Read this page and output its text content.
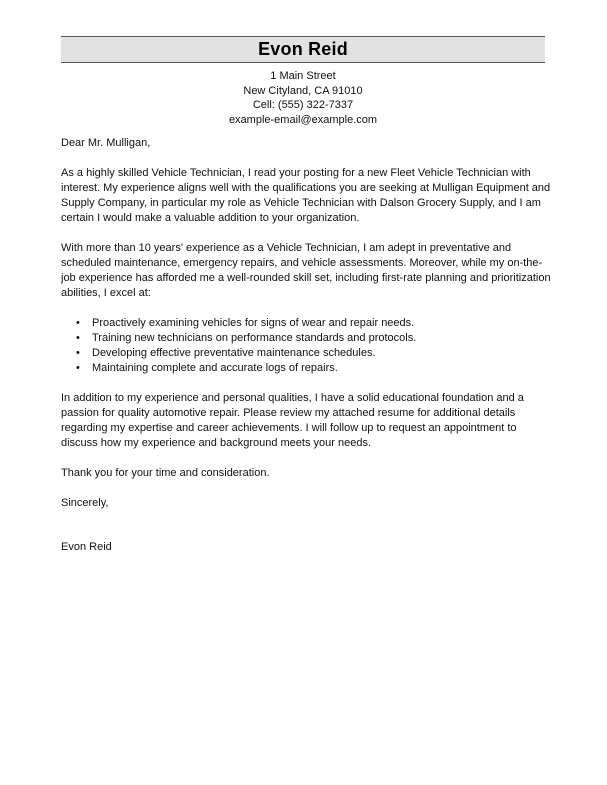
Evon Reid
1 Main Street
New Cityland, CA 91010
Cell: (555) 322-7337
example-email@example.com

Dear Mr. Mulligan,

As a highly skilled Vehicle Technician, I read your posting for a new Fleet Vehicle Technician with interest. My experience aligns well with the qualifications you are seeking at Mulligan Equipment and Supply Company, in particular my role as Vehicle Technician with Dalson Grocery Supply, and I am certain I would make a valuable addition to your organization.

With more than 10 years' experience as a Vehicle Technician, I am adept in preventative and scheduled maintenance, emergency repairs, and vehicle assessments. Moreover, while my on-the-job experience has afforded me a well-rounded skill set, including first-rate planning and prioritization abilities, I excel at:

• Proactively examining vehicles for signs of wear and repair needs.
• Training new technicians on performance standards and protocols.
• Developing effective preventative maintenance schedules.
• Maintaining complete and accurate logs of repairs.

In addition to my experience and personal qualities, I have a solid educational foundation and a passion for quality automotive repair. Please review my attached resume for additional details regarding my expertise and career achievements. I will follow up to request an appointment to discuss how my experience and background meets your needs.

Thank you for your time and consideration.

Sincerely,

Evon Reid
